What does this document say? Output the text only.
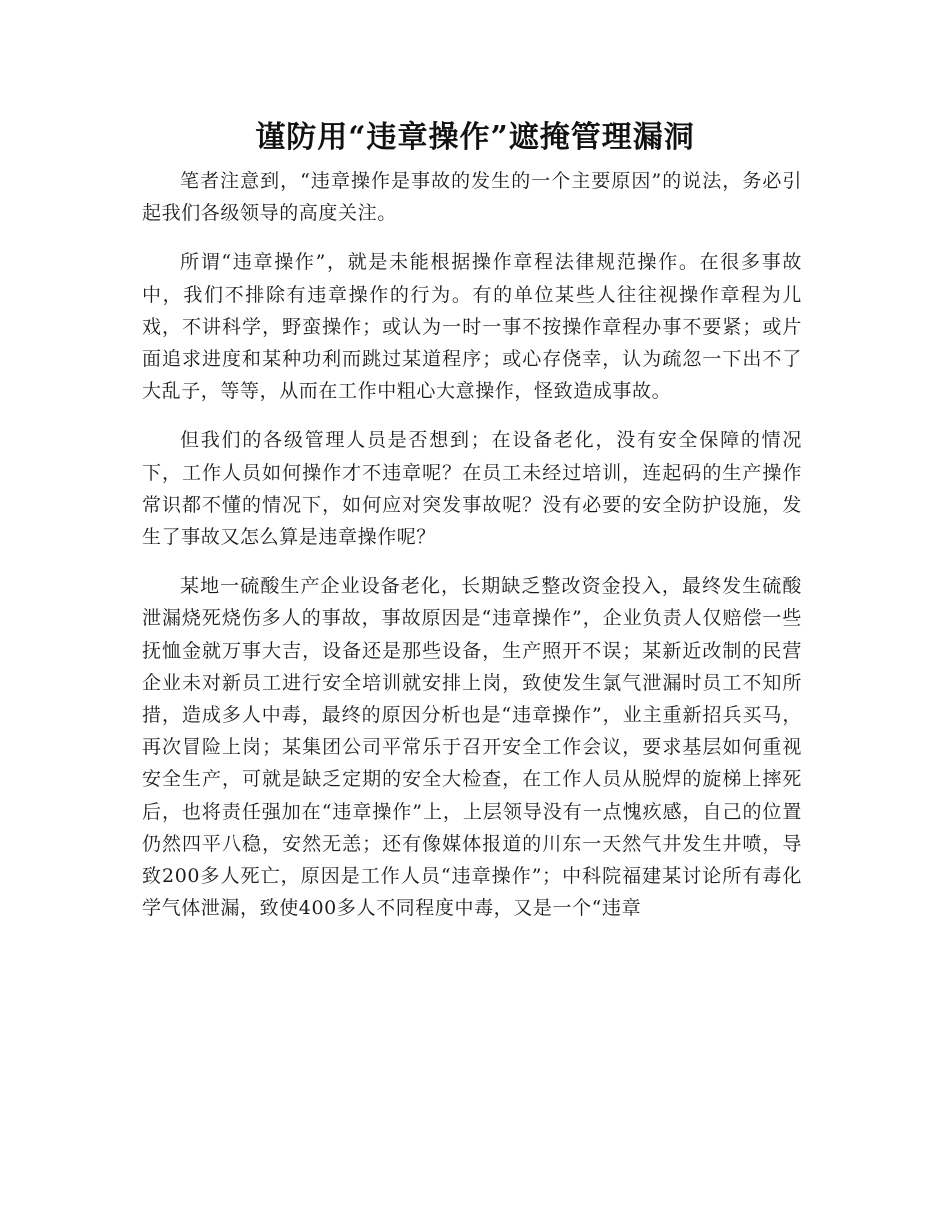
谨防用“违章操作”遮掩管理漏洞

笔者注意到，“违章操作是事故的发生的一个主要原因”的说法，务必引起我们各级领导的高度关注。

所谓“违章操作”，就是未能根据操作章程法律规范操作。在很多事故中，我们不排除有违章操作的行为。有的单位某些人往往视操作章程为儿戏，不讲科学，野蛮操作；或认为一时一事不按操作章程办事不要紧；或片面追求进度和某种功利而跳过某道程序；或心存侥幸，认为疏忽一下出不了大乱子，等等，从而在工作中粗心大意操作，怪致造成事故。

但我们的各级管理人员是否想到；在设备老化，没有安全保障的情况下，工作人员如何操作才不违章呢？在员工未经过培训，连起码的生产操作常识都不懂的情况下，如何应对突发事故呢？没有必要的安全防护设施，发生了事故又怎么算是违章操作呢？

某地一硫酸生产企业设备老化，长期缺乏整改资金投入，最终发生硫酸泄漏烧死烧伤多人的事故，事故原因是“违章操作”，企业负责人仅赔偿一些抚恤金就万事大吉，设备还是那些设备，生产照开不误；某新近改制的民营企业未对新员工进行安全培训就安排上岗，致使发生氯气泄漏时员工不知所措，造成多人中毒，最终的原因分析也是“违章操作”，业主重新招兵买马，再次冒险上岗；某集团公司平常乐于召开安全工作会议，要求基层如何重视安全生产，可就是缺乏定期的安全大检查，在工作人员从脱焊的旋梯上摔死后，也将责任强加在“违章操作”上，上层领导没有一点愧疚感，自己的位置仍然四平八稳，安然无恙；还有像媒体报道的川东一天然气井发生井喷，导致200多人死亡，原因是工作人员“违章操作”；中科院福建某讨论所有毒化学气体泄漏，致使400多人不同程度中毒，又是一个“违章
